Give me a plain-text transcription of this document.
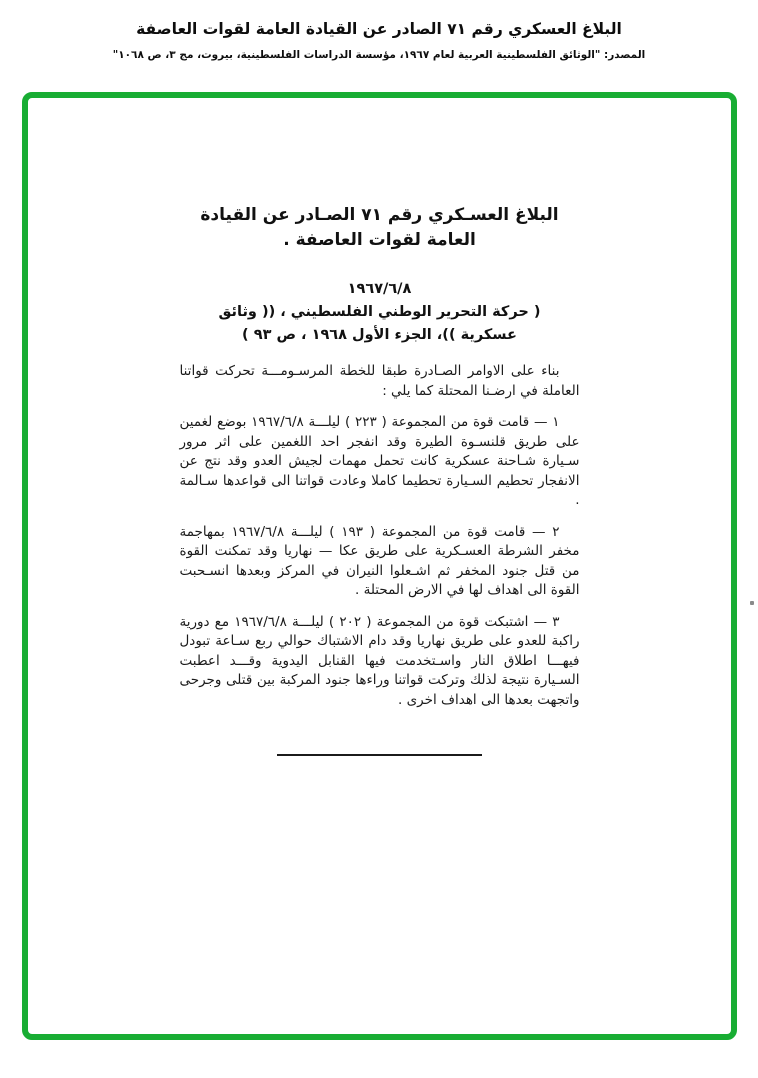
البلاغ العسكري رقم ٧١ الصادر عن القيادة العامة لقوات العاصفة
المصدر: "الوثائق الفلسطينية العربية لعام ١٩٦٧، مؤسسة الدراسات الفلسطينية، بيروت، مج ٣، ص ١٠٦٨"
البلاغ العسـكري رقم ٧١ الصـادر عن القيادة
العامة لقوات العاصفة .
١٩٦٧/٦/٨
( حركة التحرير الوطني الفلسطيني ، (( وثائق
عسكرية ))، الجزء الأول ١٩٦٨ ، ص ٩٣ )

بناء على الاوامر الصـادرة طبقا للخطة المرسـومـــة تحركت قواتنا العاملة في ارضـنا المحتلة كما يلي :

١ — قامت قوة من المجموعة ( ٢٢٣ ) ليلـــة ١٩٦٧/٦/٨ بوضع لغمين على طريق قلنسـوة الطيرة وقد انفجر احد اللغمين على اثر مرور سـيارة شـاحنة عسكرية كانت تحمل مهمات لجيش العدو وقد نتج عن الانفجار تحطيم السـيارة تحطيما كاملا وعادت قواتنا الى قواعدها سـالمة .

٢ — قامت قوة من المجموعة ( ١٩٣ ) ليلـــة ١٩٦٧/٦/٨ بمهاجمة مخفر الشرطة العسـكرية على طريق عكا — نهاريا وقد تمكنت القوة من قتل جنود المخفر ثم اشـعلوا النيران في المركز وبعدها انسـحبت القوة الى اهداف لها في الارض المحتلة .

٣ — اشتبكت قوة من المجموعة ( ٢٠٢ ) ليلـــة ١٩٦٧/٦/٨ مع دورية راكبة للعدو على طريق نهاريا وقد دام الاشتباك حوالي ربع سـاعة تبودل فيهـــا اطلاق النار واسـتخدمت فيها القنابل اليدوية وقـــد اعطبت السـيارة نتيجة لذلك وتركت قواتنا وراءها جنود المركبة بين قتلى وجرحى واتجهت بعدها الى اهداف اخرى .
